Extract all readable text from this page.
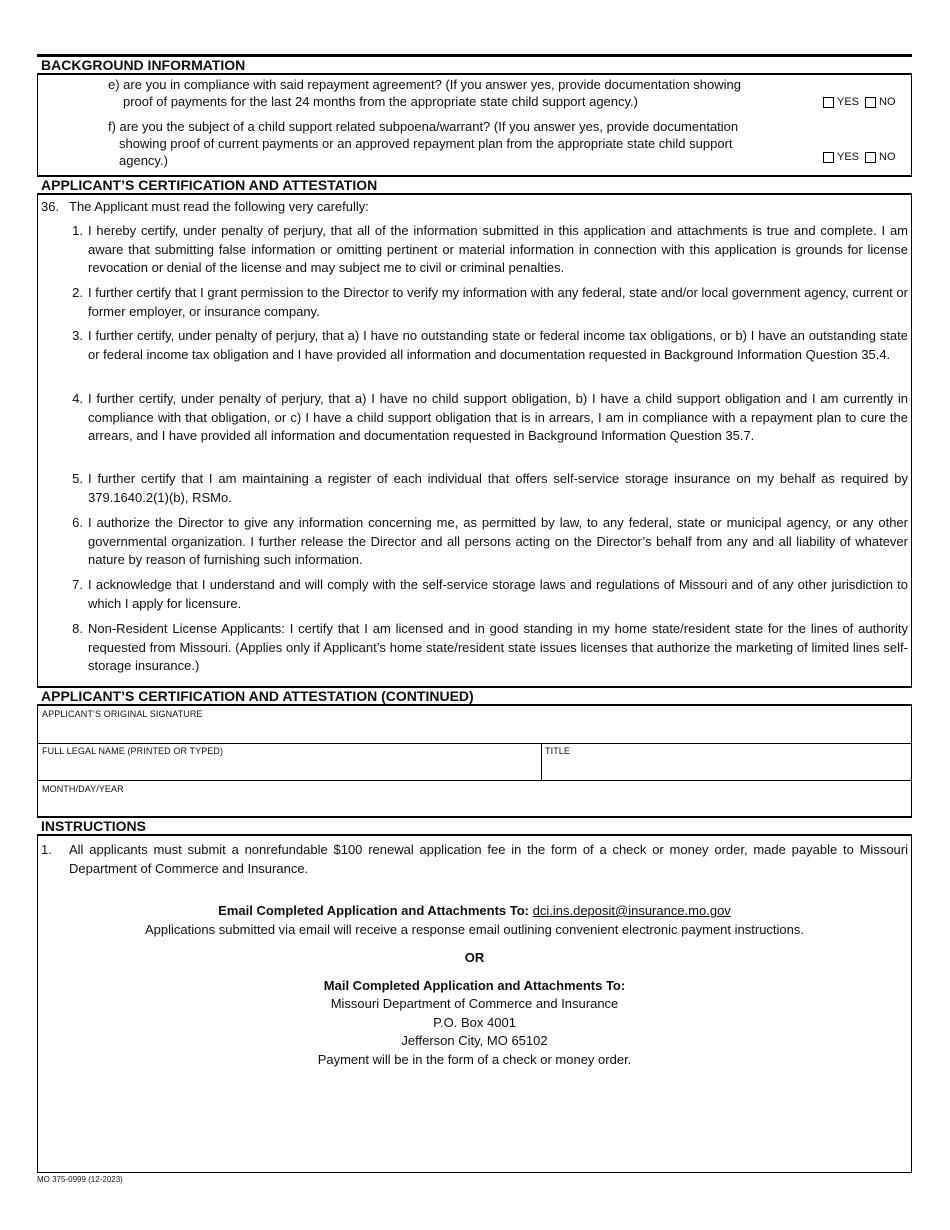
BACKGROUND INFORMATION
e) are you in compliance with said repayment agreement? (If you answer yes, provide documentation showing
proof of payments for the last 24 months from the appropriate state child support agency.)	YES NO
f) are you the subject of a child support related subpoena/warrant? (If you answer yes, provide documentation
showing proof of current payments or an approved repayment plan from the appropriate state child support
agency.)	YES NO
APPLICANT’S CERTIFICATION AND ATTESTATION
36. The Applicant must read the following very carefully:
1. I hereby certify, under penalty of perjury, that all of the information submitted in this application and attachments is true and complete. I am aware that submitting false information or omitting pertinent or material information in connection with this application is grounds for license revocation or denial of the license and may subject me to civil or criminal penalties.
2. I further certify that I grant permission to the Director to verify my information with any federal, state and/or local government agency, current or former employer, or insurance company.
3. I further certify, under penalty of perjury, that a) I have no outstanding state or federal income tax obligations, or b) I have an outstanding state or federal income tax obligation and I have provided all information and documentation requested in Background Information Question 35.4.
4. I further certify, under penalty of perjury, that a) I have no child support obligation, b) I have a child support obligation and I am currently in compliance with that obligation, or c) I have a child support obligation that is in arrears, I am in compliance with a repayment plan to cure the arrears, and I have provided all information and documentation requested in Background Information Question 35.7.
5. I further certify that I am maintaining a register of each individual that offers self-service storage insurance on my behalf as required by 379.1640.2(1)(b), RSMo.
6. I authorize the Director to give any information concerning me, as permitted by law, to any federal, state or municipal agency, or any other governmental organization. I further release the Director and all persons acting on the Director’s behalf from any and all liability of whatever nature by reason of furnishing such information.
7. I acknowledge that I understand and will comply with the self-service storage laws and regulations of Missouri and of any other jurisdiction to which I apply for licensure.
8. Non-Resident License Applicants: I certify that I am licensed and in good standing in my home state/resident state for the lines of authority requested from Missouri. (Applies only if Applicant’s home state/resident state issues licenses that authorize the marketing of limited lines self-storage insurance.)
APPLICANT’S CERTIFICATION AND ATTESTATION (CONTINUED)
APPLICANT’S ORIGINAL SIGNATURE
FULL LEGAL NAME (PRINTED OR TYPED)	TITLE
MONTH/DAY/YEAR
INSTRUCTIONS
1. All applicants must submit a nonrefundable $100 renewal application fee in the form of a check or money order, made payable to Missouri Department of Commerce and Insurance.
Email Completed Application and Attachments To: dci.ins.deposit@insurance.mo.gov
Applications submitted via email will receive a response email outlining convenient electronic payment instructions.
OR
Mail Completed Application and Attachments To:
Missouri Department of Commerce and Insurance
P.O. Box 4001
Jefferson City, MO 65102
Payment will be in the form of a check or money order.
MO 375-0999 (12-2023)
